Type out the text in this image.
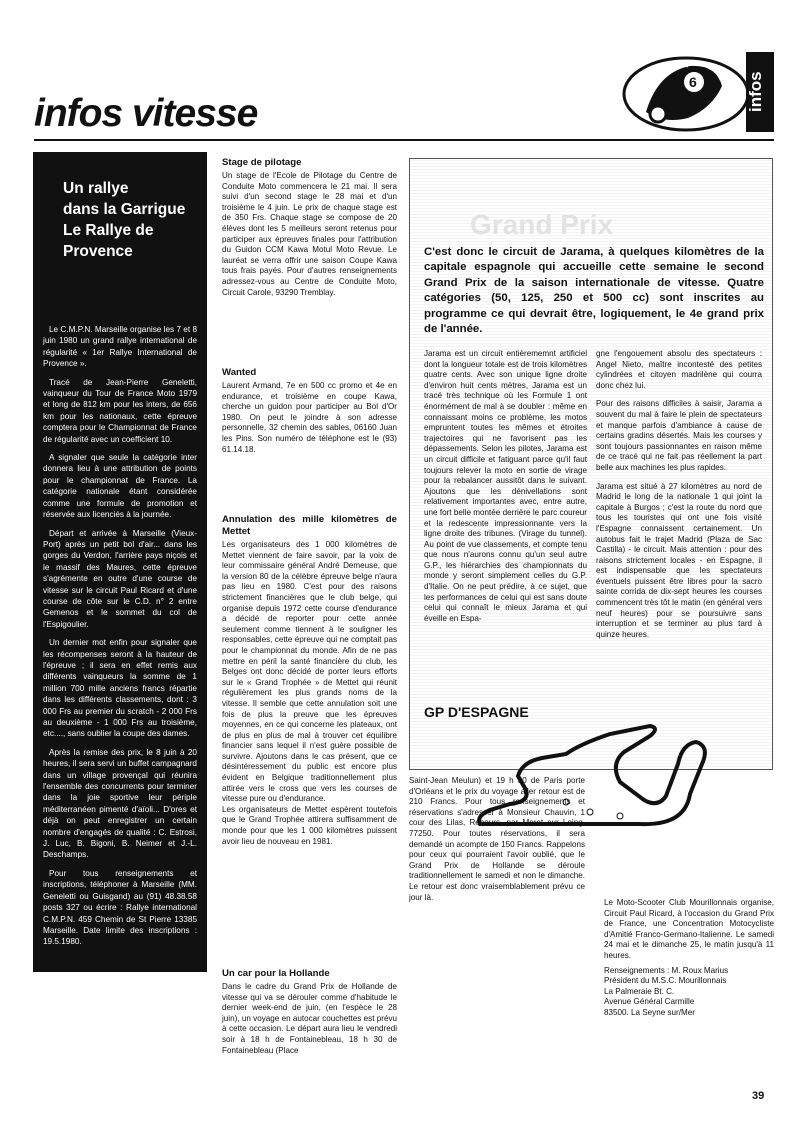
infos vitesse
6	infos
Un rallye
dans la Garrigue
Le Rallye de Provence

Le C.M.P.N. Marseille organise les 7 et 8 juin 1980 un grand rallye international de régularité « 1er Rallye International de Provence ».

Tracé de Jean-Pierre Geneletti, vainqueur du Tour de France Moto 1979 et long de 812 km pour les inters, de 656 km pour les nationaux, cette épreuve comptera pour le Championnat de France de régularité avec un coefficient 10.

A signaler que seule la catégorie inter donnera lieu à une attribution de points pour le championnat de France. La catégorie nationale étant considérée comme une formule de promotion et réservée aux licenciés à la journée.

Départ et arrivée à Marseille (Vieux-Port) après un petit bol d'air... dans les gorges du Verdon, l'arrière pays niçois et le massif des Maures, cette épreuve s'agrémente en outre d'une course de vitesse sur le circuit Paul Ricard et d'une course de côte sur le C.D. n° 2 entre Gemenos et le sommet du col de l'Espigoulier.

Un dernier mot enfin pour signaler que les récompenses seront à la hauteur de l'épreuve ; il sera en effet remis aux différents vainqueurs la somme de 1 million 700 mille anciens francs répartie dans les différents classements, dont : 3 000 Frs au premier du scratch - 2 000 Frs au deuxième - 1 000 Frs au troisième, etc...., sans oublier la coupe des dames.

Après la remise des prix, le 8 juin à 20 heures, il sera servi un buffet campagnard dans un village provençal qui réunira l'ensemble des concurrents pour terminer dans la joie sportive leur périple méditerranéen pimenté d'aïoli... D'ores et déjà on peut enregistrer un certain nombre d'engagés de qualité : C. Estrosi, J. Luc, B. Bigoni, B. Neimer et J.-L. Deschamps.

Pour tous renseignements et inscriptions, téléphoner à Marseille (MM. Geneletti ou Guisgand) au (91) 48.38.58 posts 327 ou écrire : Rallye international C.M.P.N. 459 Chemin de St Pierre 13385 Marseille. Date limite des inscriptions : 19.5.1980.

Stage de pilotage

Un stage de l'Ecole de Pilotage du Centre de Conduite Moto commencera le 21 mai. Il sera suivi d'un second stage le 28 mai et d'un troisième le 4 juin. Le prix de chaque stage est de 350 Frs. Chaque stage se compose de 20 élèves dont les 5 meilleurs seront retenus pour participer aux épreuves finales pour l'attribution du Guidon CCM Kawa Motul Moto Revue. Le lauréat se verra offrir une saison Coupe Kawa tous frais payés. Pour d'autres renseignements adressez-vous au Centre de Conduite Moto, Circuit Carole, 93290 Tremblay.

Wanted

Laurent Armand, 7e en 500 cc promo et 4e en endurance, et troisième en coupe Kawa, cherche un guidon pour participer au Bol d'Or 1980. On peut le joindre à son adresse personnelle, 32 chemin des sables, 06160 Juan les Pins. Son numéro de téléphone est le (93) 61.14.18.

Annulation des mille kilomètres de Mettet

Les organisateurs des 1 000 kilomètres de Mettet viennent de faire savoir, par la voix de leur commissaire général André Demeuse, que la version 80 de la célèbre épreuve belge n'aura pas lieu en 1980. C'est pour des raisons strictement financières que le club belge, qui organise depuis 1972 cette course d'endurance a décidé de reporter pour cette année seulement comme tiennent à le souligner les responsables, cette épreuve qui ne comptait pas pour le championnat du monde. Afin de ne pas mettre en péril la santé financière du club, les Belges ont donc décidé de porter leurs efforts sur le « Grand Trophée » de Mettet qui réunit régulièrement les plus grands noms de la vitesse. Il semble que cette annulation soit une fois de plus la preuve que les épreuves moyennes, en ce qui concerne les plateaux, ont de plus en plus de mal à trouver cet équilibre financier sans lequel il n'est guère possible de survivre. Ajoutons dans le cas présent, que ce désintéressement du public est encore plus évident en Belgique traditionnellement plus attirée vers le cross que vers les courses de vitesse pure ou d'endurance.

Les organisateurs de Mettet espèrent toutefois que le Grand Trophée attirera suffisamment de monde pour que les 1 000 kilomètres puissent avoir lieu de nouveau en 1981.

Un car pour la Hollande

Dans le cadre du Grand Prix de Hollande de vitesse qui va se dérouler comme d'habitude le dernier week-end de juin, (en l'espèce le 28 juin), un voyage en autocar couchettes est prévu à cette occasion. Le départ aura lieu le vendredi soir à 18 h de Fontainebleau, 18 h 30 de Fontainebleau (Place

Grand Prix
C'est donc le circuit de Jarama, à quelques kilomètres de la capitale espagnole qui accueille cette semaine le second Grand Prix de la saison internationale de vitesse. Quatre catégories (50, 125, 250 et 500 cc) sont inscrites au programme ce qui devrait être, logiquement, le 4e grand prix de l'année.

Jarama est un circuit entièrememnt artificiel dont la longueur totale est de trois kilomètres quatre cents. Avec son unique ligne droite d'environ huit cents mètres, Jarama est un tracé très technique où les Formule 1 ont énormément de mal à se doubler : même en connaissant moins ce problème, les motos empruntent toutes les mêmes et étroites trajectoires qui ne favorisent pas les dépassements. Selon les pilotes, Jarama est un circuit difficile et fatiguant parce qu'il faut toujours relever la moto en sortie de virage pour la rebalancer aussitôt dans le suivant. Ajoutons que les dénivellations sont relativement importantes avec, entre autre, une fort belle montée derrière le parc coureur et la redescente impressionnante vers la ligne droite des tribunes. (Virage du tunnel). Au point de vue classements, et compte tenu que nous n'aurons connu qu'un seul autre G.P., les hiérarchies des championnats du monde y seront simplement celles du G.P. d'Italie. On ne peut prédire, à ce sujet, que les performances de celui qui est sans doute celui qui connaît le mieux Jarama et qui éveille en Espa-

gne l'engouement absolu des spectateurs : Angel Nieto, maître incontesté des petites cylindrées et citoyen madrilène qui courra donc chez lui.

Pour des raisons difficiles à saisir, Jarama a souvent du mal à faire le plein de spectateurs et manque parfois d'ambiance à cause de certains gradins désertés. Mais les courses y sont toujours passionnantes en raison même de ce tracé qui ne fait pas réellement la part belle aux machines les plus rapides.

Jarama est situé à 27 kilomètres au nord de Madrid le long de la nationale 1 qui joint la capitale à Burgos ; c'est la route du nord que tous les touristes qui ont une fois visité l'Espagne connaissent certainement. Un autobus fait le trajet Madrid (Plaza de Sac Castilla) - le circuit. Mais attention : pour des raisons strictement locales - en Espagne, il est indispensable que les spectateurs éventuels puissent être libres pour la sacro sainte corrida de dix-sept heures les courses commencent très tôt le matin (en général vers neuf heures) pour se poursuivre sans interruption et se terminer au plus tard à quinze heures.

GP D'ESPAGNE

Saint-Jean Meulun) et 19 h 30 de Paris porte d'Orléans et le prix du voyage aller retour est de 210 Francs. Pour tous renseignements et réservations s'adresser à Monsieur Chauvin, 1 cour des Lilas, Rebours, par Moret sur Loing, 77250. Pour toutes réservations, il sera demandé un acompte de 150 Francs. Rappelons pour ceux qui pourraient l'avoir oublié, que le Grand Prix de Hollande se déroule traditionnellement le samedi et non le dimanche. Le retour est donc vraisemblablement prévu ce jour là.

Le Moto-Scooter Club Mourillonnais organise, Circuit Paul Ricard, à l'occasion du Grand Prix de France, une Concentration Motocycliste d'Amitié Franco-Germano-Italienne. Le samedi 24 mai et le dimanche 25, le matin jusqu'à 11 heures.

Renseignements : M. Roux Marius
Président du M.S.C. Mourillonnais
La Palmeraie Bt. C.
Avenue Général Carmille
83500. La Seyne sur/Mer

39
